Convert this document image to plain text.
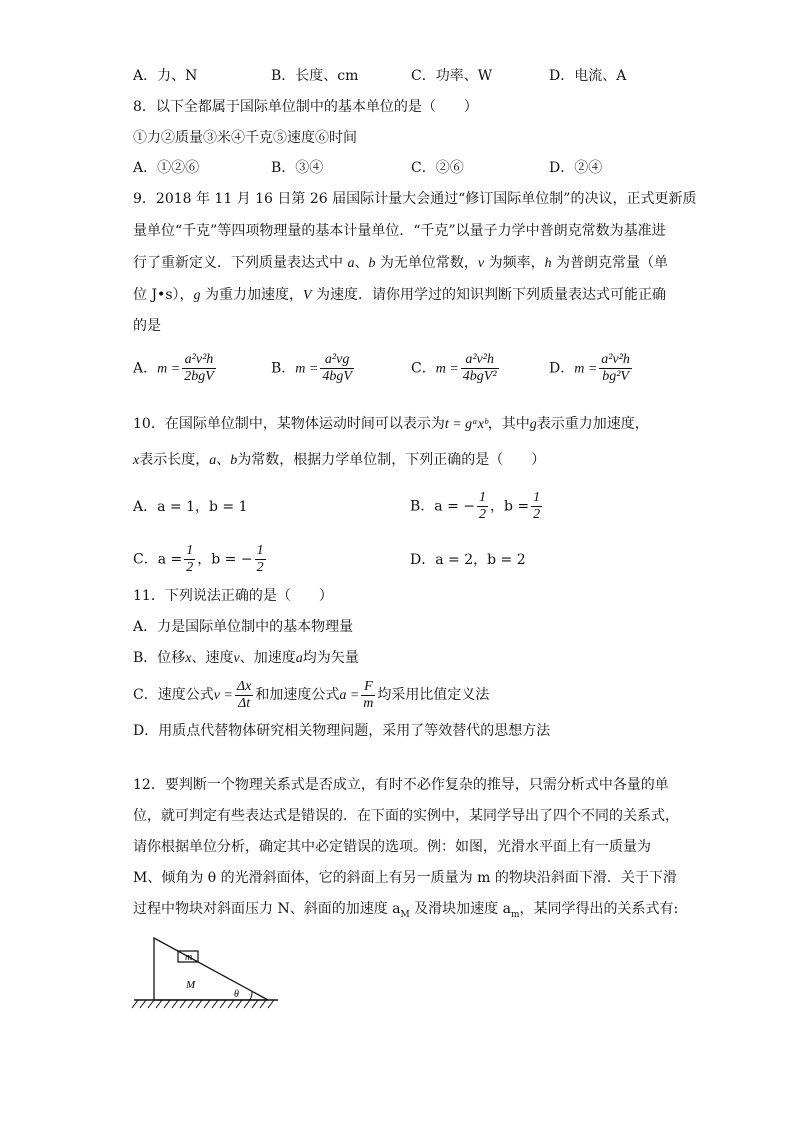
A．力、N	B．长度、cm	C．功率、W	D．电流、A
8．以下全都属于国际单位制中的基本单位的是（　　）
①力②质量③米④千克⑤速度⑥时间
A．①②⑥	B．③④	C．②⑥	D．②④
9．2018 年 11 月 16 日第 26 届国际计量大会通过“修订国际单位制”的决议，正式更新质
量单位“千克”等四项物理量的基本计量单位．“千克”以量子力学中普朗克常数为基准进
行了重新定义．下列质量表达式中 a、b 为无单位常数，ν 为频率，h 为普朗克常量（单
位 J•s），g 为重力加速度，V 为速度．请你用学过的知识判断下列质量表达式可能正确
的是
A．$m = \frac{\text{a²ν²h}}{\text{2bgV}}$	B．$m = \frac{\text{a²νg}}{\text{4bgV}}$	C．$m = \frac{\text{a²ν²h}}{\text{4bgV²}}$	D．$m = \frac{\text{a²ν²h}}{\text{bg²V}}$
10．在国际单位制中，某物体运动时间可以表示为t = gᵃxᵇ，其中g表示重力加速度，
x表示长度，a、b为常数，根据力学单位制，下列正确的是（　　）
A．a = 1，b = 1	B．a = − $\frac{1}{2}$ ，$b = \frac{1}{2}$
C．$a = \frac{1}{2}$ ，b = − $\frac{1}{2}$	D．a = 2，b = 2
11．下列说法正确的是（　　）
A．力是国际单位制中的基本物理量
B．位移x、速度v、加速度a均为矢量
C．速度公式$v = \frac{\Delta x}{\Delta t}$ 和加速度公式$a = \frac{F}{m}$ 均采用比值定义法
D．用质点代替物体研究相关物理问题，采用了等效替代的思想方法
12．要判断一个物理关系式是否成立，有时不必作复杂的推导，只需分析式中各量的单
位，就可判定有些表达式是错误的．在下面的实例中，某同学导出了四个不同的关系式，
请你根据单位分析，确定其中必定错误的选项。例：如图，光滑水平面上有一质量为
M、倾角为 θ 的光滑斜面体，它的斜面上有另一质量为 m 的物块沿斜面下滑．关于下滑
过程中物块对斜面压力 N、斜面的加速度 $a_M$ 及滑块加速度 $a_m$，某同学得出的关系式有:
m
M
θ
